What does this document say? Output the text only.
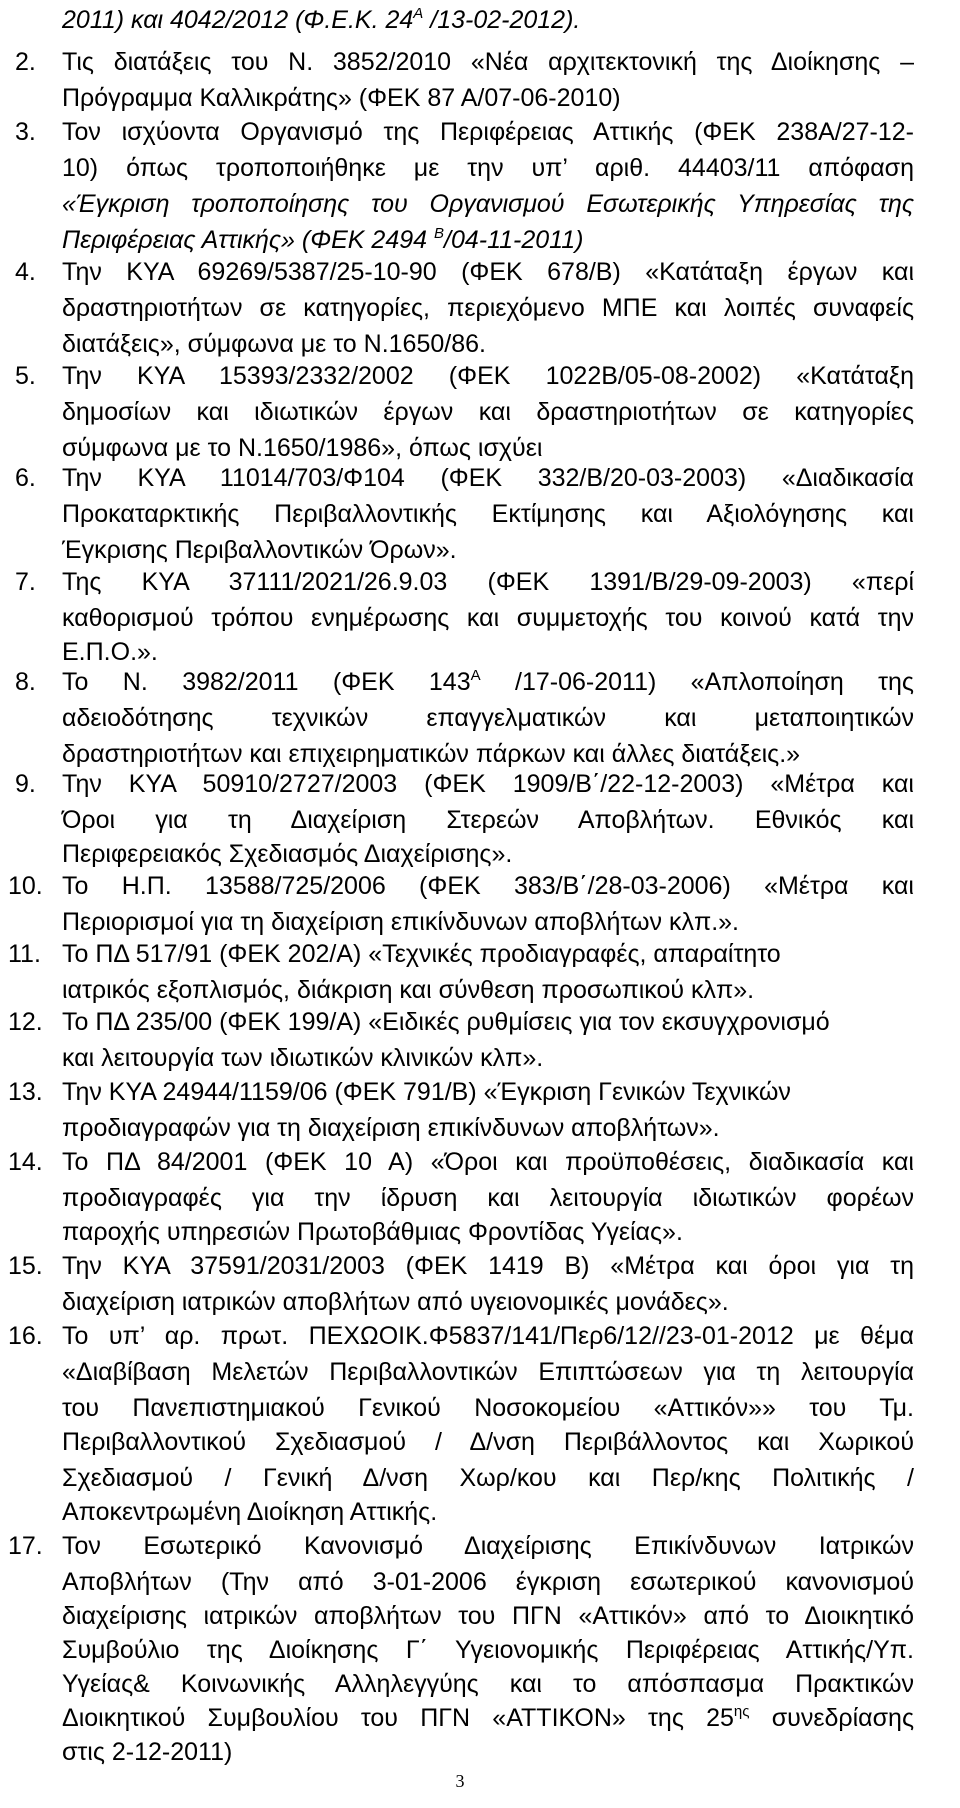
2011) και 4042/2012 (Φ.Ε.Κ. $24^A$ /13-02-2012).
2. Τις διατάξεις του Ν. 3852/2010 «Νέα αρχιτεκτονική της Διοίκησης –
Πρόγραμμα Καλλικράτης» (ΦΕΚ 87 Α/07-06-2010)
3. Τον ισχύοντα Οργανισμό της Περιφέρειας Αττικής (ΦΕΚ 238Α/27-12-
10) όπως τροποποιήθηκε με την υπ’ αριθ. 44403/11 απόφαση
«Έγκριση τροποποίησης του Οργανισμού Εσωτερικής Υπηρεσίας της
Περιφέρειας Αττικής» (ΦΕΚ 2494 $^B$/04-11-2011)
4. Την ΚΥΑ 69269/5387/25-10-90 (ΦΕΚ 678/Β) «Κατάταξη έργων και
δραστηριοτήτων σε κατηγορίες, περιεχόμενο ΜΠΕ και λοιπές συναφείς
διατάξεις», σύμφωνα με το Ν.1650/86.
5. Την ΚΥΑ 15393/2332/2002 (ΦΕΚ 1022Β/05-08-2002) «Κατάταξη
δημοσίων και ιδιωτικών έργων και δραστηριοτήτων σε κατηγορίες
σύμφωνα με το Ν.1650/1986», όπως ισχύει
6. Την ΚΥΑ 11014/703/Φ104 (ΦΕΚ 332/Β/20-03-2003) «Διαδικασία
Προκαταρκτικής Περιβαλλοντικής Εκτίμησης και Αξιολόγησης και
Έγκρισης Περιβαλλοντικών Όρων».
7. Της ΚΥΑ 37111/2021/26.9.03 (ΦΕΚ 1391/Β/29-09-2003) «περί
καθορισμού τρόπου ενημέρωσης και συμμετοχής του κοινού κατά την
Ε.Π.Ο.».
8. Το Ν. 3982/2011 (ΦΕΚ $143^A$ /17-06-2011) «Απλοποίηση της
αδειοδότησης τεχνικών επαγγελματικών και μεταποιητικών
δραστηριοτήτων και επιχειρηματικών πάρκων και άλλες διατάξεις.»
9. Την ΚΥΑ 50910/2727/2003 (ΦΕΚ 1909/Β΄/22-12-2003) «Μέτρα και
Όροι για τη Διαχείριση Στερεών Αποβλήτων. Εθνικός και
Περιφερειακός Σχεδιασμός Διαχείρισης».
10. Το Η.Π. 13588/725/2006 (ΦΕΚ 383/Β΄/28-03-2006) «Μέτρα και
Περιορισμοί για τη διαχείριση επικίνδυνων αποβλήτων κλπ.».
11. Το ΠΔ 517/91 (ΦΕΚ 202/Α) «Τεχνικές προδιαγραφές, απαραίτητο
ιατρικός εξοπλισμός, διάκριση και σύνθεση προσωπικού κλπ».
12. Το ΠΔ 235/00 (ΦΕΚ 199/Α) «Ειδικές ρυθμίσεις για τον εκσυγχρονισμό
και λειτουργία των ιδιωτικών κλινικών κλπ».
13. Την ΚΥΑ 24944/1159/06 (ΦΕΚ 791/Β) «Έγκριση Γενικών Τεχνικών
προδιαγραφών για τη διαχείριση επικίνδυνων αποβλήτων».
14. Το ΠΔ 84/2001 (ΦΕΚ 10 Α) «Όροι και προϋποθέσεις, διαδικασία και
προδιαγραφές για την ίδρυση και λειτουργία ιδιωτικών φορέων
παροχής υπηρεσιών Πρωτοβάθμιας Φροντίδας Υγείας».
15. Την ΚΥΑ 37591/2031/2003 (ΦΕΚ 1419 Β) «Μέτρα και όροι για τη
διαχείριση ιατρικών αποβλήτων από υγειονομικές μονάδες».
16. Το υπ’ αρ. πρωτ. ΠΕΧΩΟΙΚ.Φ5837/141/Περ6/12//23-01-2012 με θέμα
«Διαβίβαση Μελετών Περιβαλλοντικών Επιπτώσεων για τη λειτουργία
του Πανεπιστημιακού Γενικού Νοσοκομείου «Αττικόν»» του Τμ.
Περιβαλλοντικού Σχεδιασμού / Δ/νση Περιβάλλοντος και Χωρικού
Σχεδιασμού / Γενική Δ/νση Χωρ/κου και Περ/κης Πολιτικής /
Αποκεντρωμένη Διοίκηση Αττικής.
17. Τον Εσωτερικό Κανονισμό Διαχείρισης Επικίνδυνων Ιατρικών
Αποβλήτων (Την από 3-01-2006 έγκριση εσωτερικού κανονισμού
διαχείρισης ιατρικών αποβλήτων του ΠΓΝ «Αττικόν» από το Διοικητικό
Συμβούλιο της Διοίκησης Γ΄ Υγειονομικής Περιφέρειας Αττικής/Υπ.
Υγείας& Κοινωνικής Αλληλεγγύης και το απόσπασμα Πρακτικών
Διοικητικού Συμβουλίου του ΠΓΝ «ΑΤΤΙΚΟΝ» της $25^{\eta\varsigma}$ συνεδρίασης
στις 2-12-2011)
3
